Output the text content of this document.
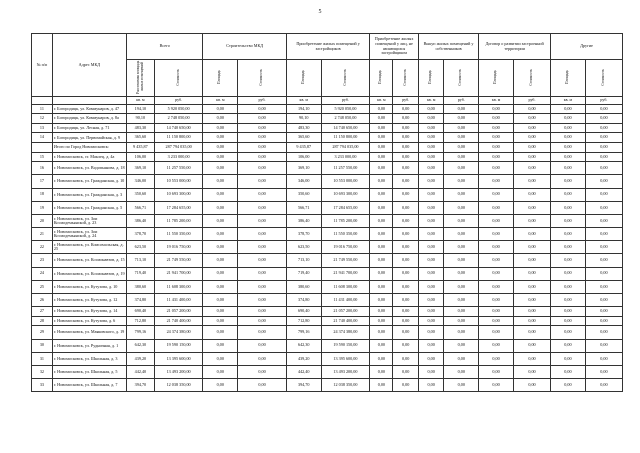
5
№ п/п	Адрес МКД	Всего		Строительство МКД		Приобретение жилых помещений у застройщиков		Приобретение жилых помещений у лиц, не являющихся застройщиком		Выкуп жилых помещений у собственников		Договор о развитии застроенной территории		Другие	
		Расселяемая площадь жилых помещений	Стоимость	Площадь	Стоимость	Площадь	Стоимость	Площадь	Стоимость	Площадь	Стоимость	Площадь	Стоимость	Площадь	Стоимость
		кв. м	руб.	кв. м	руб.	кв. м	руб.	кв. м	руб.	кв. м	руб.	кв. м	руб.	кв. м	руб.
11	г. Богородицк, ул. Коммунаров, д. 47	194,10	5 920 050,00	0,00	0,00	194,10	5 920 050,00	0,00	0,00	0,00	0,00	0,00	0,00	0,00	0,00
12	г. Богородицк, ул. Коммунаров, д. 8а	90,10	2 748 050,00	0,00	0,00	90,10	2 748 050,00	0,00	0,00	0,00	0,00	0,00	0,00	0,00	0,00
13	г. Богородицк, ул. Лесная, д. 71	483,30	14 740 650,00	0,00	0,00	483,30	14 740 650,00	0,00	0,00	0,00	0,00	0,00	0,00	0,00	0,00
14	г. Богородицк, ул. Первомайская, д. 9	365,60	11 150 800,00	0,00	0,00	365,60	11 150 800,00	0,00	0,00	0,00	0,00	0,00	0,00	0,00	0,00
	Итого по Город Новомосковск:	9 435,87	287 794 035,00	0,00	0,00	9 435,87	287 794 035,00	0,00	0,00	0,00	0,00	0,00	0,00	0,00	0,00
15	г. Новомосковск, ст. Маклец, д. 4а	106,00	3 233 000,00	0,00	0,00	106,00	3 233 000,00	0,00	0,00	0,00	0,00	0,00	0,00	0,00	0,00
16	г. Новомосковск, ул. Водопьянова, д. 18	369,10	11 257 550,00	0,00	0,00	369,10	11 257 550,00	0,00	0,00	0,00	0,00	0,00	0,00	0,00	0,00
17	г. Новомосковск, ул. Гражданская, д. 10	346,00	10 553 000,00	0,00	0,00	346,00	10 553 000,00	0,00	0,00	0,00	0,00	0,00	0,00	0,00	0,00
18	г. Новомосковск, ул. Гражданская, д. 3	350,60	10 693 300,00	0,00	0,00	350,60	10 693 300,00	0,00	0,00	0,00	0,00	0,00	0,00	0,00	0,00
19	г. Новомосковск, ул. Гражданская, д. 5	566,71	17 284 655,00	0,00	0,00	566,71	17 284 655,00	0,00	0,00	0,00	0,00	0,00	0,00	0,00	0,00
20	г. Новомосковск, ул. Зои Космодемьянской, д. 23	386,40	11 785 200,00	0,00	0,00	386,40	11 785 200,00	0,00	0,00	0,00	0,00	0,00	0,00	0,00	0,00
21	г. Новомосковск, ул. Зои Космодемьянской, д. 24	378,70	11 550 350,00	0,00	0,00	378,70	11 550 350,00	0,00	0,00	0,00	0,00	0,00	0,00	0,00	0,00
22	г. Новомосковск, ул. Комсомольская, д. 25	623,50	19 016 750,00	0,00	0,00	623,50	19 016 750,00	0,00	0,00	0,00	0,00	0,00	0,00	0,00	0,00
23	г. Новомосковск, ул. Космонавтов, д. 15	713,10	21 749 550,00	0,00	0,00	713,10	21 749 550,00	0,00	0,00	0,00	0,00	0,00	0,00	0,00	0,00
24	г. Новомосковск, ул. Космонавтов, д. 19	719,40	21 941 700,00	0,00	0,00	719,40	21 941 700,00	0,00	0,00	0,00	0,00	0,00	0,00	0,00	0,00
25	г. Новомосковск, ул. Кутузова, д. 10	380,60	11 608 300,00	0,00	0,00	380,60	11 608 300,00	0,00	0,00	0,00	0,00	0,00	0,00	0,00	0,00
26	г. Новомосковск, ул. Кутузова, д. 12	374,80	11 431 400,00	0,00	0,00	374,80	11 431 400,00	0,00	0,00	0,00	0,00	0,00	0,00	0,00	0,00
27	г. Новомосковск, ул. Кутузова, д. 14	690,40	21 057 200,00	0,00	0,00	690,40	21 057 200,00	0,00	0,00	0,00	0,00	0,00	0,00	0,00	0,00
28	г. Новомосковск, ул. Кутузова, д. 6	712,80	21 740 400,00	0,00	0,00	712,80	21 740 400,00	0,00	0,00	0,00	0,00	0,00	0,00	0,00	0,00
29	г. Новомосковск, ул. Маяковского, д. 19	799,16	24 374 380,00	0,00	0,00	799,16	24 374 380,00	0,00	0,00	0,00	0,00	0,00	0,00	0,00	0,00
30	г. Новомосковск, ул. Рудничная, д. 1	642,30	19 590 150,00	0,00	0,00	642,30	19 590 150,00	0,00	0,00	0,00	0,00	0,00	0,00	0,00	0,00
31	г. Новомосковск, ул. Школьная, д. 3	439,20	13 395 600,00	0,00	0,00	439,20	13 395 600,00	0,00	0,00	0,00	0,00	0,00	0,00	0,00	0,00
32	г. Новомосковск, ул. Школьная, д. 5	442,40	13 493 200,00	0,00	0,00	442,40	13 493 200,00	0,00	0,00	0,00	0,00	0,00	0,00	0,00	0,00
33	г. Новомосковск, ул. Школьная, д. 7	394,70	12 038 350,00	0,00	0,00	394,70	12 038 350,00	0,00	0,00	0,00	0,00	0,00	0,00	0,00	0,00
